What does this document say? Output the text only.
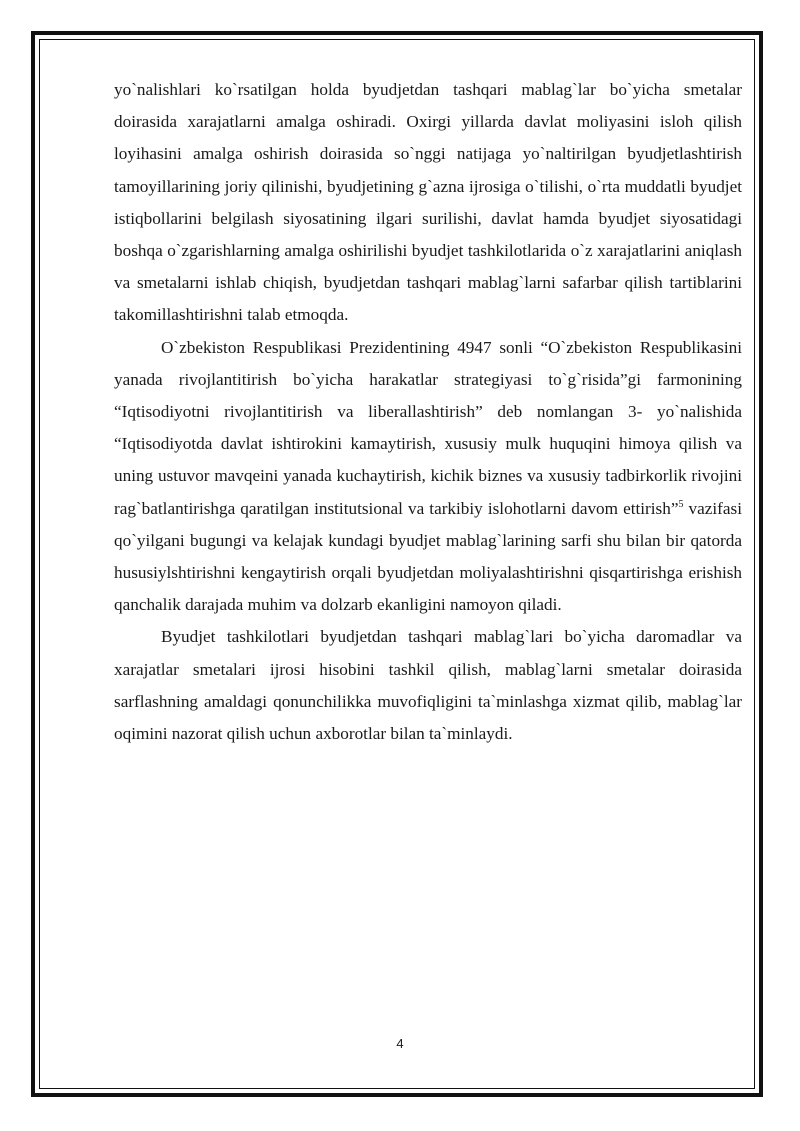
yo`nalishlari ko`rsatilgan holda byudjetdan tashqari mablag`lar bo`yicha smetalar doirasida xarajatlarni amalga oshiradi. Oxirgi yillarda davlat moliyasini isloh qilish loyihasini amalga oshirish doirasida so`nggi natijaga yo`naltirilgan byudjetlashtirish tamoyillarining joriy qilinishi, byudjetining g`azna ijrosiga o`tilishi, o`rta muddatli byudjet istiqbollarini belgilash siyosatining ilgari surilishi, davlat hamda byudjet siyosatidagi boshqa o`zgarishlarning amalga oshirilishi byudjet tashkilotlarida o`z xarajatlarini aniqlash va smetalarni ishlab chiqish, byudjetdan tashqari mablag`larni safarbar qilish tartiblarini takomillashtirishni talab etmoqda.

O`zbekiston Respublikasi Prezidentining 4947 sonli “O`zbekiston Respublikasini yanada rivojlantitirish bo`yicha harakatlar strategiyasi to`g`risida”gi farmonining “Iqtisodiyotni rivojlantitirish va liberallashtirish” deb nomlangan 3- yo`nalishida “Iqtisodiyotda davlat ishtirokini kamaytirish, xususiy mulk huquqini himoya qilish va uning ustuvor mavqeini yanada kuchaytirish, kichik biznes va xususiy tadbirkorlik rivojini rag`batlantirishga qaratilgan institutsional va tarkibiy islohotlarni davom ettirish”$^5$ vazifasi qo`yilgani bugungi va kelajak kundagi byudjet mablag`larining sarfi shu bilan bir qatorda hususiylshtirishni kengaytirish orqali byudjetdan moliyalashtirishni qisqartirishga erishish qanchalik darajada muhim va dolzarb ekanligini namoyon qiladi.

Byudjet tashkilotlari byudjetdan tashqari mablag`lari bo`yicha daromadlar va xarajatlar smetalari ijrosi hisobini tashkil qilish, mablag`larni smetalar doirasida sarflashning amaldagi qonunchilikka muvofiqligini ta`minlashga xizmat qilib, mablag`lar oqimini nazorat qilish uchun axborotlar bilan ta`minlaydi.

4
